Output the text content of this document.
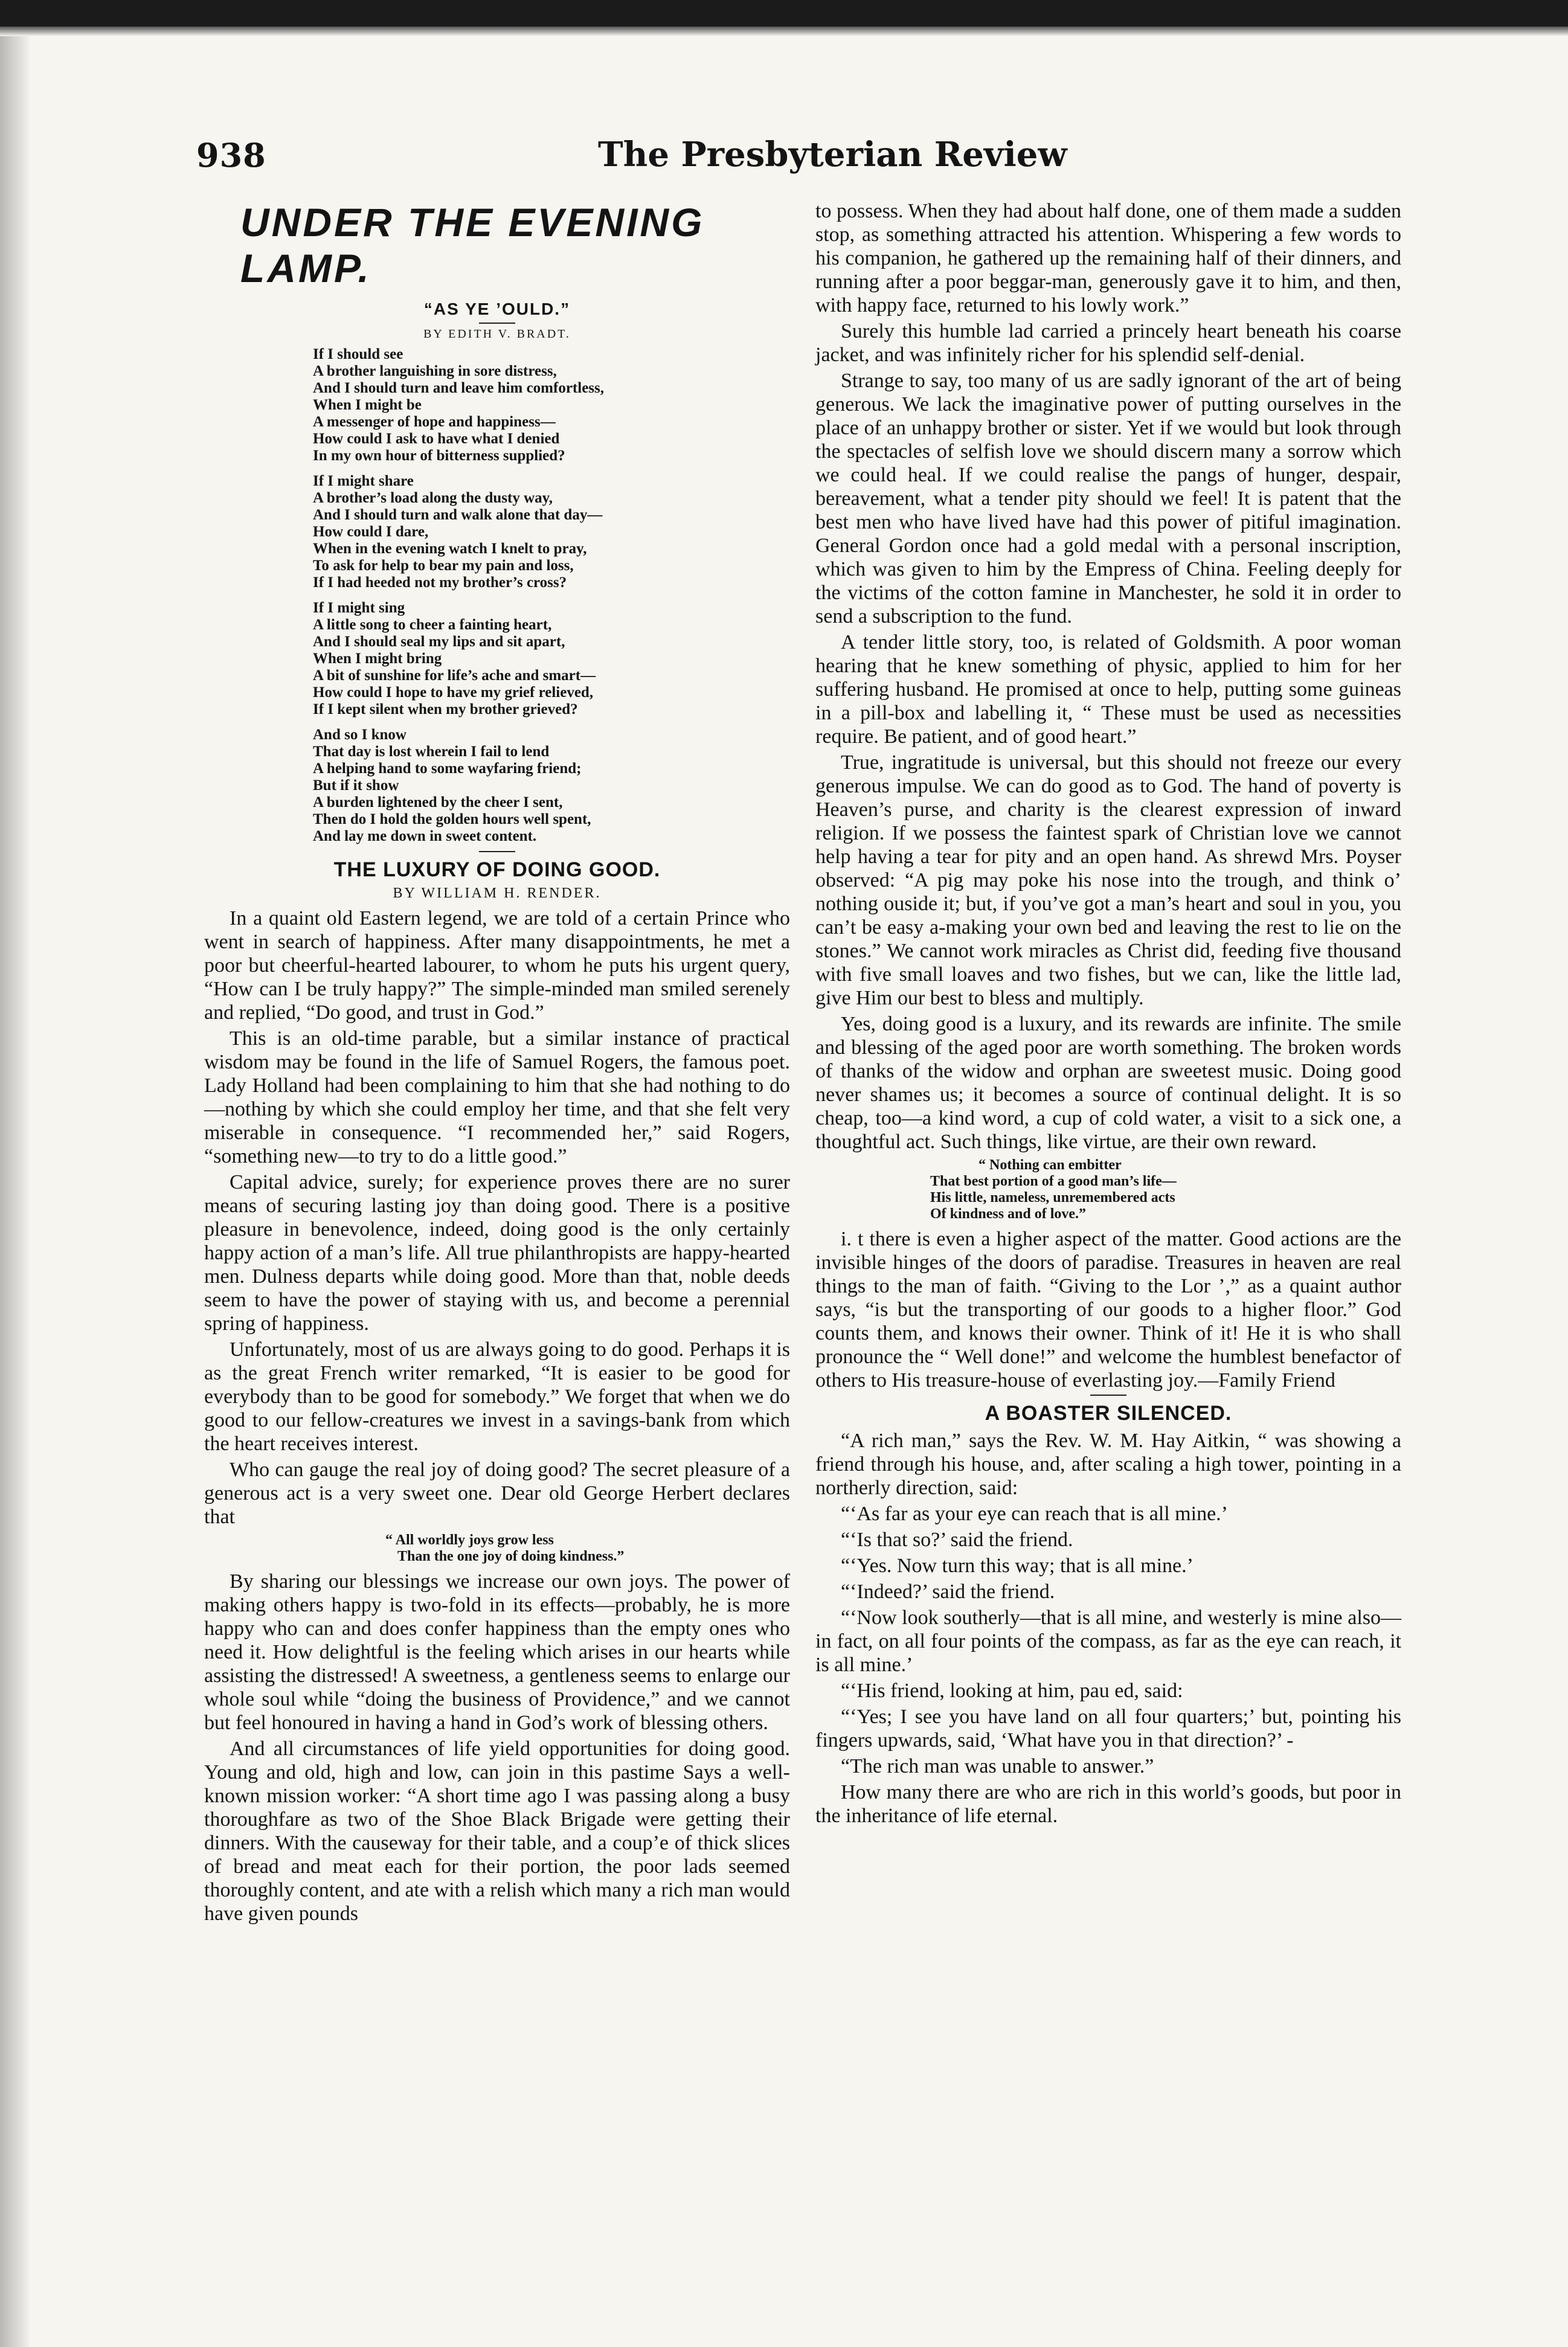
938	The Presbyterian Review
UNDER THE EVENING LAMP.
“AS YE ’OULD.”
BY EDITH V. BRADT.
If I should see
A brother languishing in sore distress,
And I should turn and leave him comfortless,
When I might be
A messenger of hope and happiness—
How could I ask to have what I denied
In my own hour of bitterness supplied?
If I might share
A brother’s load along the dusty way,
And I should turn and walk alone that day—
How could I dare,
When in the evening watch I knelt to pray,
To ask for help to bear my pain and loss,
If I had heeded not my brother’s cross?
If I might sing
A little song to cheer a fainting heart,
And I should seal my lips and sit apart,
When I might bring
A bit of sunshine for life’s ache and smart—
How could I hope to have my grief relieved,
If I kept silent when my brother grieved?
And so I know
That day is lost wherein I fail to lend
A helping hand to some wayfaring friend;
But if it show
A burden lightened by the cheer I sent,
Then do I hold the golden hours well spent,
And lay me down in sweet content.
THE LUXURY OF DOING GOOD.
BY WILLIAM H. RENDER.

In a quaint old Eastern legend, we are told of a certain Prince who went in search of happiness. After many disappointments, he met a poor but cheerful-hearted labourer, to whom he puts his urgent query, “How can I be truly happy?” The simple-minded man smiled serenely and replied, “Do good, and trust in God.”

This is an old-time parable, but a similar instance of practical wisdom may be found in the life of Samuel Rogers, the famous poet. Lady Holland had been complaining to him that she had nothing to do—nothing by which she could employ her time, and that she felt very miserable in consequence. “I recommended her,” said Rogers, “something new—to try to do a little good.”

Capital advice, surely; for experience proves there are no surer means of securing lasting joy than doing good. There is a positive pleasure in benevolence, indeed, doing good is the only certainly happy action of a man’s life. All true philanthropists are happy-hearted men. Dulness departs while doing good. More than that, noble deeds seem to have the power of staying with us, and become a perennial spring of happiness.

Unfortunately, most of us are always going to do good. Perhaps it is as the great French writer remarked, “It is easier to be good for everybody than to be good for somebody.” We forget that when we do good to our fellow-creatures we invest in a savings-bank from which the heart receives interest.

Who can gauge the real joy of doing good? The secret pleasure of a generous act is a very sweet one. Dear old George Herbert declares that

“ All worldly joys grow less
Than the one joy of doing kindness.”

By sharing our blessings we increase our own joys. The power of making others happy is two-fold in its effects—probably, he is more happy who can and does confer happiness than the empty ones who need it. How delightful is the feeling which arises in our hearts while assisting the distressed! A sweetness, a gentleness seems to enlarge our whole soul while “doing the business of Providence,” and we cannot but feel honoured in having a hand in God’s work of blessing others.

And all circumstances of life yield opportunities for doing good. Young and old, high and low, can join in this pastime Says a well-known mission worker: “A short time ago I was passing along a busy thoroughfare as two of the Shoe Black Brigade were getting their dinners. With the causeway for their table, and a coup’e of thick slices of bread and meat each for their portion, the poor lads seemed thoroughly content, and ate with a relish which many a rich man would have given pounds

to possess. When they had about half done, one of them made a sudden stop, as something attracted his attention. Whispering a few words to his companion, he gathered up the remaining half of their dinners, and running after a poor beggar-man, generously gave it to him, and then, with happy face, returned to his lowly work.”

Surely this humble lad carried a princely heart beneath his coarse jacket, and was infinitely richer for his splendid self-denial.

Strange to say, too many of us are sadly ignorant of the art of being generous. We lack the imaginative power of putting ourselves in the place of an unhappy brother or sister. Yet if we would but look through the spectacles of selfish love we should discern many a sorrow which we could heal. If we could realise the pangs of hunger, despair, bereavement, what a tender pity should we feel! It is patent that the best men who have lived have had this power of pitiful imagination. General Gordon once had a gold medal with a personal inscription, which was given to him by the Empress of China. Feeling deeply for the victims of the cotton famine in Manchester, he sold it in order to send a subscription to the fund.

A tender little story, too, is related of Goldsmith. A poor woman hearing that he knew something of physic, applied to him for her suffering husband. He promised at once to help, putting some guineas in a pill-box and labelling it, “ These must be used as necessities require. Be patient, and of good heart.”

True, ingratitude is universal, but this should not freeze our every generous impulse. We can do good as to God. The hand of poverty is Heaven’s purse, and charity is the clearest expression of inward religion. If we possess the faintest spark of Christian love we cannot help having a tear for pity and an open hand. As shrewd Mrs. Poyser observed: “A pig may poke his nose into the trough, and think o’ nothing ouside it; but, if you’ve got a man’s heart and soul in you, you can’t be easy a-making your own bed and leaving the rest to lie on the stones.” We cannot work miracles as Christ did, feeding five thousand with five small loaves and two fishes, but we can, like the little lad, give Him our best to bless and multiply.

Yes, doing good is a luxury, and its rewards are infinite. The smile and blessing of the aged poor are worth something. The broken words of thanks of the widow and orphan are sweetest music. Doing good never shames us; it becomes a source of continual delight. It is so cheap, too—a kind word, a cup of cold water, a visit to a sick one, a thoughtful act. Such things, like virtue, are their own reward.

“ Nothing can embitter
That best portion of a good man’s life—
His little, nameless, unremembered acts
Of kindness and of love.”

i. t there is even a higher aspect of the matter. Good actions are the invisible hinges of the doors of paradise. Treasures in heaven are real things to the man of faith. “Giving to the Lor ’,” as a quaint author says, “is but the transporting of our goods to a higher floor.” God counts them, and knows their owner. Think of it! He it is who shall pronounce the “ Well done!” and welcome the humblest benefactor of others to His treasure-house of everlasting joy.—Family Friend

A BOASTER SILENCED.

“A rich man,” says the Rev. W. M. Hay Aitkin, “ was showing a friend through his house, and, after scaling a high tower, pointing in a northerly direction, said:

“‘As far as your eye can reach that is all mine.’

“‘Is that so?’ said the friend.

“‘Yes. Now turn this way; that is all mine.’

“‘Indeed?’ said the friend.

“‘Now look southerly—that is all mine, and westerly is mine also—in fact, on all four points of the compass, as far as the eye can reach, it is all mine.’

“‘His friend, looking at him, pau ed, said:

“‘Yes; I see you have land on all four quarters;’ but, pointing his fingers upwards, said, ‘What have you in that direction?’ -

“The rich man was unable to answer.”

How many there are who are rich in this world’s goods, but poor in the inheritance of life eternal.
